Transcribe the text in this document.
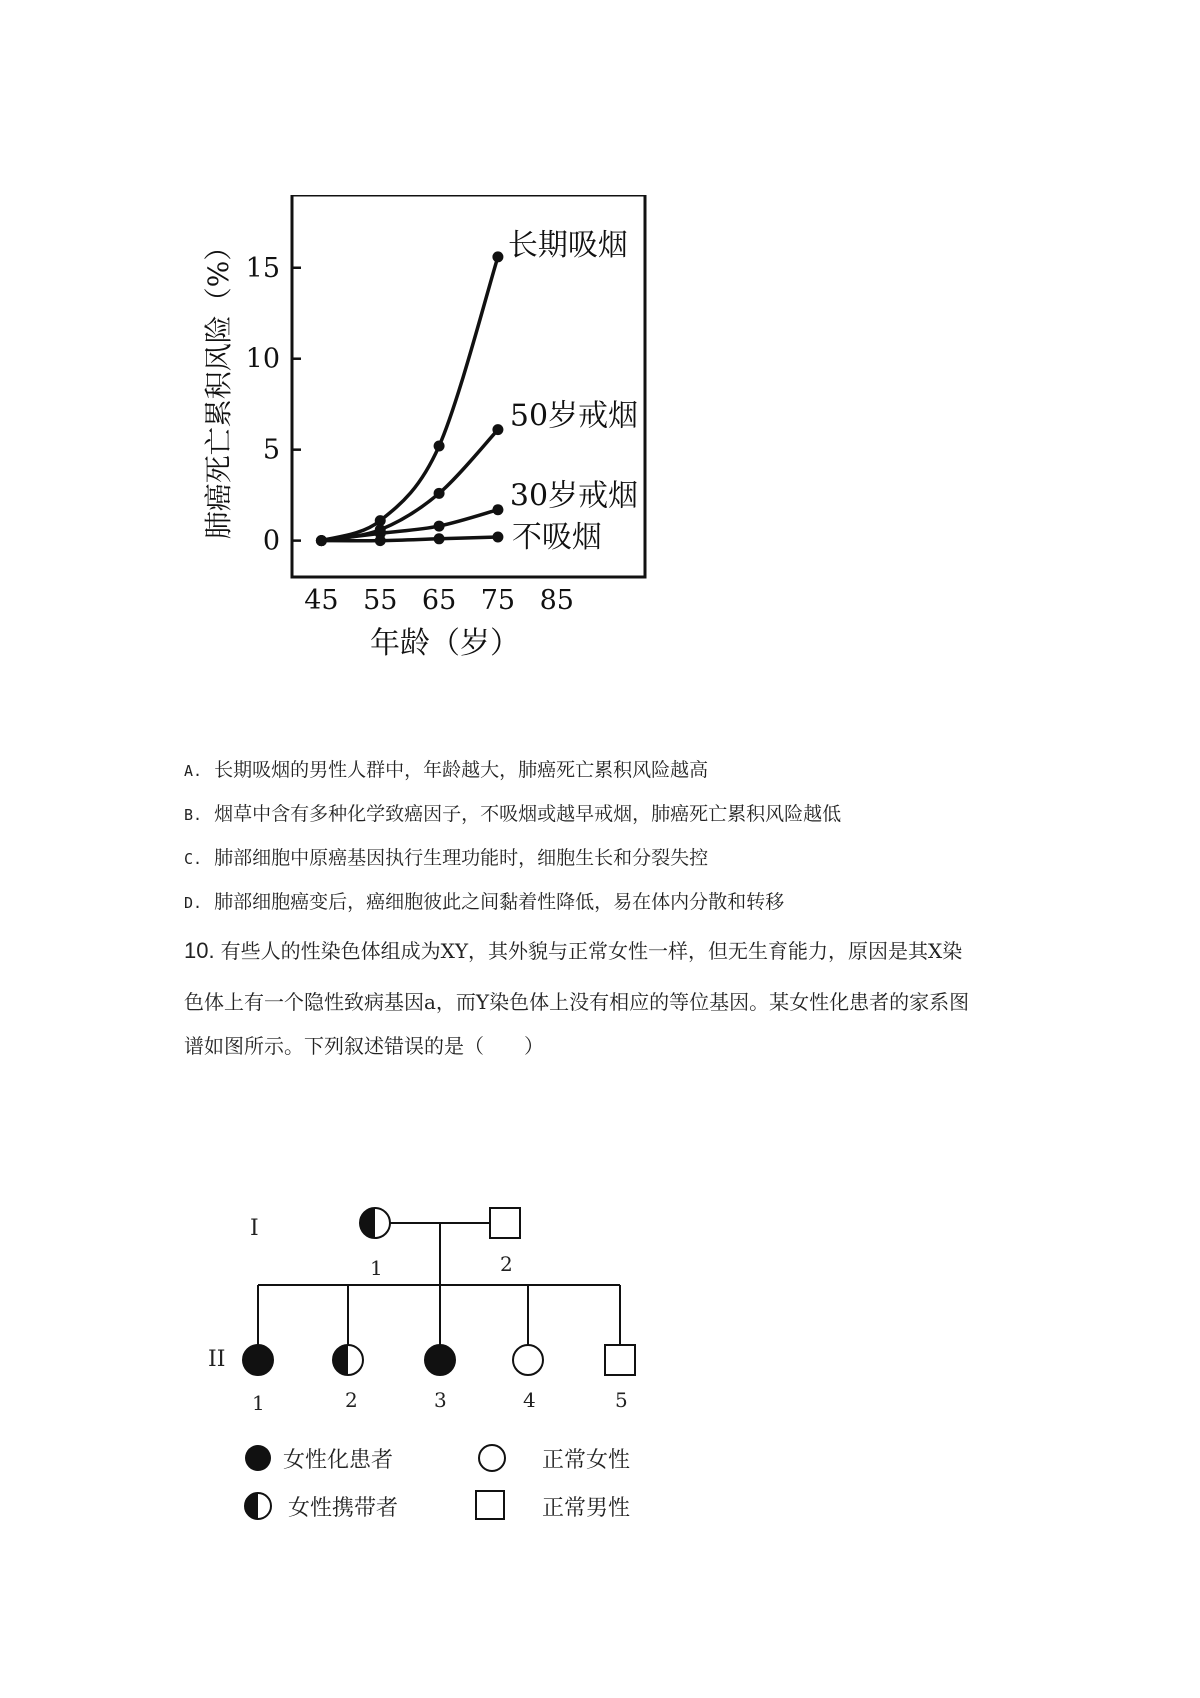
0
5
10
15
45 55 65 75 85
长期吸烟
50岁戒烟
30岁戒烟
不吸烟
肺癌死亡累积风险（%）
年龄（岁）
A. 长期吸烟的男性人群中，年龄越大，肺癌死亡累积风险越高
B. 烟草中含有多种化学致癌因子，不吸烟或越早戒烟，肺癌死亡累积风险越低
C. 肺部细胞中原癌基因执行生理功能时，细胞生长和分裂失控
D. 肺部细胞癌变后，癌细胞彼此之间黏着性降低，易在体内分散和转移
10. 有些人的性染色体组成为XY，其外貌与正常女性一样，但无生育能力，原因是其X染
色体上有一个隐性致病基因a，而Y染色体上没有相应的等位基因。某女性化患者的家系图
谱如图所示。下列叙述错误的是（　　）
I
II
1	2
1	2	3	4	5
女性化患者	正常女性
女性携带者	正常男性
